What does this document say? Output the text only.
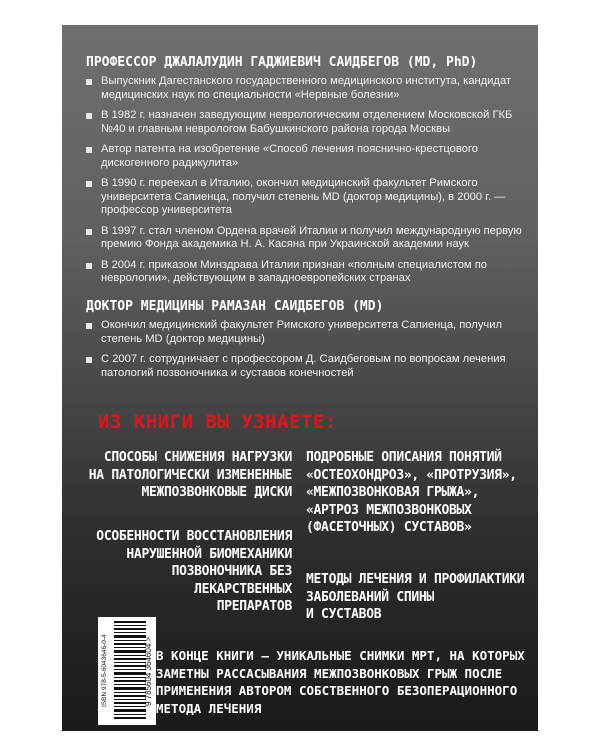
ПРОФЕССОР ДЖАЛАЛУДИН ГАДЖИЕВИЧ САИДБЕГОВ (MD, PhD)
Выпускник Дагестанского государственного медицинского института, кандидат медицинских наук по специальности «Нервные болезни»
В 1982 г. назначен заведующим неврологическим отделением Московской ГКБ №40 и главным неврологом Бабушкинского района города Москвы
Автор патента на изобретение «Способ лечения пояснично-крестцового дискогенного радикулита»
В 1990 г. переехал в Италию, окончил медицинский факультет Римского университета Сапиенца, получил степень MD (доктор медицины), в 2000 г. — профессор университета
В 1997 г. стал членом Ордена врачей Италии и получил международную первую премию Фонда академика Н. А. Касяна при Украинской академии наук
В 2004 г. приказом Минздрава Италии признан «полным специалистом по неврологии», действующим в западноевропейских странах
ДОКТОР МЕДИЦИНЫ РАМАЗАН САИДБЕГОВ (MD)
Окончил медицинский факультет Римского университета Сапиенца, получил степень MD (доктор медицины)
С 2007 г. сотрудничает с профессором Д. Саидбеговым по вопросам лечения патологий позвоночника и суставов конечностей
ИЗ КНИГИ ВЫ УЗНАЕТЕ:
СПОСОБЫ СНИЖЕНИЯ НАГРУЗКИ
НА ПАТОЛОГИЧЕСКИ ИЗМЕНЕННЫЕ
МЕЖПОЗВОНКОВЫЕ ДИСКИ
ОСОБЕННОСТИ ВОССТАНОВЛЕНИЯ
НАРУШЕННОЙ БИОМЕХАНИКИ
ПОЗВОНОЧНИКА БЕЗ
ЛЕКАРСТВЕННЫХ
ПРЕПАРАТОВ
ПОДРОБНЫЕ ОПИСАНИЯ ПОНЯТИЙ
«ОСТЕОХОНДРОЗ», «ПРОТРУЗИЯ»,
«МЕЖПОЗВОНКОВАЯ ГРЫЖА»,
«АРТРОЗ МЕЖПОЗВОНКОВЫХ
(ФАСЕТОЧНЫХ) СУСТАВОВ»
МЕТОДЫ ЛЕЧЕНИЯ И ПРОФИЛАКТИКИ
ЗАБОЛЕВАНИЙ СПИНЫ
И СУСТАВОВ
ISBN 978-5-6043646-0-4	9 785604 364604 > В КОНЦЕ КНИГИ – УНИКАЛЬНЫЕ СНИМКИ МРТ, НА КОТОРЫХ ЗАМЕТНЫ РАССАСЫВАНИЯ МЕЖПОЗВОНКОВЫХ ГРЫЖ ПОСЛЕ ПРИМЕНЕНИЯ АВТОРОМ СОБСТВЕННОГО БЕЗОПЕРАЦИОННОГО МЕТОДА ЛЕЧЕНИЯ
